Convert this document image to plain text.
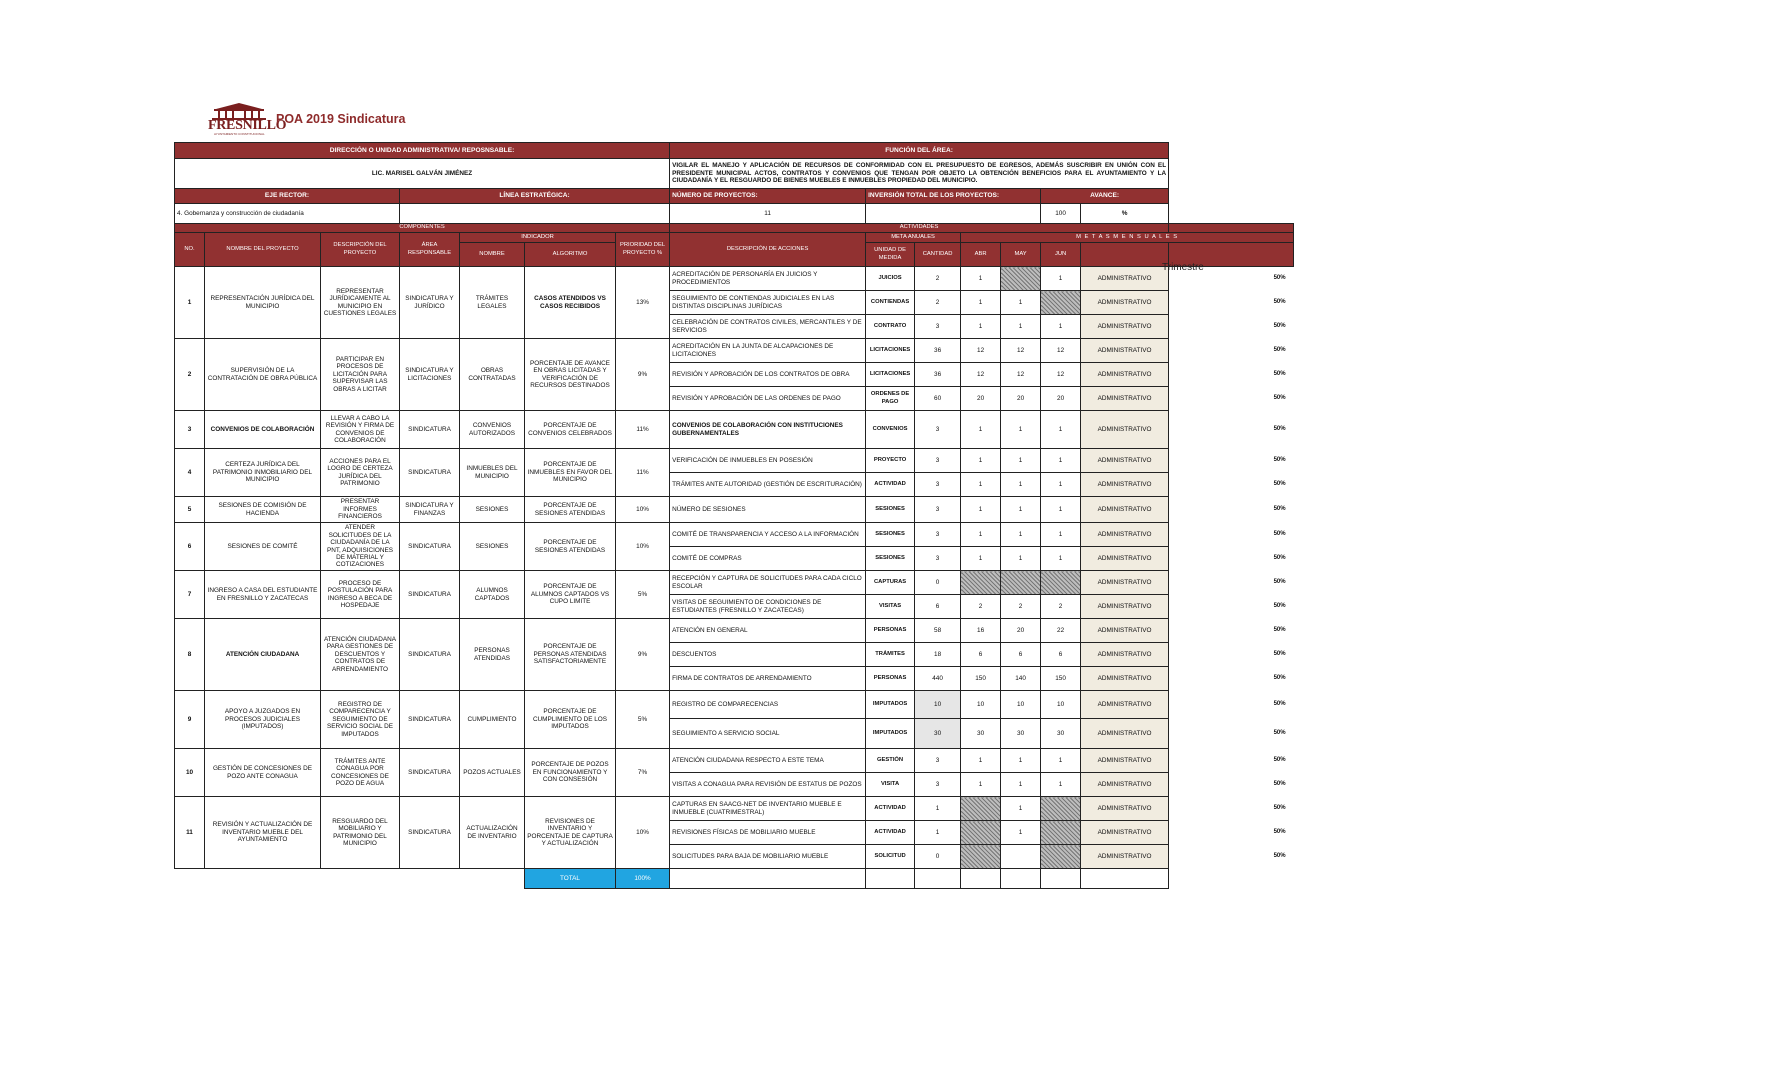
FRESNILLO
AYUNTAMIENTO CONSTITUCIONAL
POA 2019 Sindicatura
DIRECCIÓN O UNIDAD ADMINISTRATIVA/ REPOSNSABLE:							FUNCIÓN DEL ÁREA:							
LIC. MARISEL GALVÁN JIMÉNEZ							VIGILAR EL MANEJO Y APLICACIÓN DE RECURSOS DE CONFORMIDAD CON EL PRESUPUESTO DE EGRESOS, ADEMÁS SUSCRIBIR EN UNIÓN CON EL PRESIDENTE MUNICIPAL ACTOS, CONTRATOS Y CONVENIOS QUE TENGAN POR OBJETO LA OBTENCIÓN BENEFICIOS PARA EL AYUNTAMIENTO Y LA CIUDADANÍA Y EL RESGUARDO DE BIENES MUEBLES E INMUEBLES PROPIEDAD DEL MUNICIPIO.							
EJE RECTOR:			LÍNEA ESTRATÉGICA:				NÚMERO DE PROYECTOS:	INVERSIÓN TOTAL DE LOS PROYECTOS:				AVANCE:		
4. Gobernanza y construcción de ciudadanía							11					100	%	
COMPONENTES							ACTIVIDADES							
NO.	NOMBRE DEL PROYECTO	DESCRIPCIÓN DEL PROYECTO	ÁREA RESPONSABLE	INDICADOR		PRIORIDAD DEL PROYECTO %	DESCRIPCIÓN DE ACCIONES	META ANUALES		M E T A S M E N S U A L E S				
				NOMBRE	ALGORITMO			UNIDAD DE MEDIDA	CANTIDAD	ABR	MAY	JUN		
1	REPRESENTACIÓN JURÍDICA DEL MUNICIPIO	REPRESENTAR JURÍDICAMENTE AL MUNICIPIO EN CUESTIONES LEGALES	SINDICATURA Y JURÍDICO	TRÁMITES LEGALES	CASOS ATENDIDOS VS CASOS RECIBIDOS	13%	ACREDITACIÓN DE PERSONARÍA EN JUICIOS Y PROCEDIMIENTOS	JUICIOS	2	1		1	ADMINISTRATIVO	50%

							SEGUIMIENTO DE CONTIENDAS JUDICIALES EN LAS DISTINTAS DISCIPLINAS JURÍDICAS	CONTIENDAS	2	1	1		ADMINISTRATIVO	50%

							CELEBRACIÓN DE CONTRATOS CIVILES, MERCANTILES Y DE SERVICIOS	CONTRATO	3	1	1	1	ADMINISTRATIVO	50%

2	SUPERVISIÓN DE LA CONTRATACIÓN DE OBRA PÚBLICA	PARTICIPAR EN PROCESOS DE LICITACIÓN PARA SUPERVISAR LAS OBRAS A LICITAR	SINDICATURA Y LICITACIONES	OBRAS CONTRATADAS	PORCENTAJE DE AVANCE EN OBRAS LICITADAS Y VERIFICACIÓN DE RECURSOS DESTINADOS	9%	ACREDITACIÓN EN LA JUNTA DE ALCAPACIONES DE LICITACIONES	LICITACIONES	36	12	12	12	ADMINISTRATIVO	50%

							REVISIÓN Y APROBACIÓN DE LOS CONTRATOS DE OBRA	LICITACIONES	36	12	12	12	ADMINISTRATIVO	50%

							REVISIÓN Y APROBACIÓN DE LAS ORDENES DE PAGO	ORDENES DE PAGO	60	20	20	20	ADMINISTRATIVO	50%

3	CONVENIOS DE COLABORACIÓN	LLEVAR A CABO LA REVISIÓN Y FIRMA DE CONVENIOS DE COLABORACIÓN	SINDICATURA	CONVENIOS AUTORIZADOS	PORCENTAJE DE CONVENIOS CELEBRADOS	11%	CONVENIOS DE COLABORACIÓN CON INSTITUCIONES GUBERNAMENTALES	CONVENIOS	3	1	1	1	ADMINISTRATIVO	50%

4	CERTEZA JURÍDICA DEL PATRIMONIO INMOBILIARIO DEL MUNICIPIO	ACCIONES PARA EL LOGRO DE CERTEZA JURÍDICA DEL PATRIMONIO	SINDICATURA	INMUEBLES DEL MUNICIPIO	PORCENTAJE DE INMUEBLES EN FAVOR DEL MUNICIPIO	11%	VERIFICACIÓN DE INMUEBLES EN POSESIÓN	PROYECTO	3	1	1	1	ADMINISTRATIVO	50%

							TRÁMITES ANTE AUTORIDAD (GESTIÓN DE ESCRITURACIÓN)	ACTIVIDAD	3	1	1	1	ADMINISTRATIVO	50%

5	SESIONES DE COMISIÓN DE HACIENDA	PRESENTAR INFORMES FINANCIEROS	SINDICATURA Y FINANZAS	SESIONES	PORCENTAJE DE SESIONES ATENDIDAS	10%	NÚMERO DE SESIONES	SESIONES	3	1	1	1	ADMINISTRATIVO	50%

6	SESIONES DE COMITÉ	ATENDER SOLICITUDES DE LA CIUDADANÍA DE LA PNT, ADQUISICIONES DE MATERIAL Y COTIZACIONES	SINDICATURA	SESIONES	PORCENTAJE DE SESIONES ATENDIDAS	10%	COMITÉ DE TRANSPARENCIA Y ACCESO A LA INFORMACIÓN	SESIONES	3	1	1	1	ADMINISTRATIVO	50%

							COMITÉ DE COMPRAS	SESIONES	3	1	1	1	ADMINISTRATIVO	50%

7	INGRESO A CASA DEL ESTUDIANTE EN FRESNILLO Y ZACATECAS	PROCESO DE POSTULACIÓN PARA INGRESO A BECA DE HOSPEDAJE	SINDICATURA	ALUMNOS CAPTADOS	PORCENTAJE DE ALUMNOS CAPTADOS VS CUPO LIMITE	5%	RECEPCIÓN Y CAPTURA DE SOLICITUDES PARA CADA CICLO ESCOLAR	CAPTURAS	0				ADMINISTRATIVO	50%

							VISITAS DE SEGUIMIENTO DE CONDICIONES DE ESTUDIANTES (FRESNILLO Y ZACATECAS)	VISITAS	6	2	2	2	ADMINISTRATIVO	50%

8	ATENCIÓN CIUDADANA	ATENCIÓN CIUDADANA PARA GESTIONES DE DESCUENTOS Y CONTRATOS DE ARRENDAMIENTO	SINDICATURA	PERSONAS ATENDIDAS	PORCENTAJE DE PERSONAS ATENDIDAS SATISFACTORIAMENTE	9%	ATENCIÓN EN GENERAL	PERSONAS	58	16	20	22	ADMINISTRATIVO	50%

							DESCUENTOS	TRÁMITES	18	6	6	6	ADMINISTRATIVO	50%

							FIRMA DE CONTRATOS DE ARRENDAMIENTO	PERSONAS	440	150	140	150	ADMINISTRATIVO	50%

9	APOYO A JUZGADOS EN PROCESOS JUDICIALES (IMPUTADOS)	REGISTRO DE COMPARECENCIA Y SEGUIMIENTO DE SERVICIO SOCIAL DE IMPUTADOS	SINDICATURA	CUMPLIMIENTO	PORCENTAJE DE CUMPLIMIENTO DE LOS IMPUTADOS	5%	REGISTRO DE COMPARECENCIAS	IMPUTADOS	10	10	10	10	ADMINISTRATIVO	50%

							SEGUIMIENTO A SERVICIO SOCIAL	IMPUTADOS	30	30	30	30	ADMINISTRATIVO	50%

10	GESTIÓN DE CONCESIONES DE POZO ANTE CONAGUA	TRÁMITES ANTE CONAGUA POR CONCESIONES DE POZO DE AGUA	SINDICATURA	POZOS ACTUALES	PORCENTAJE DE POZOS EN FUNCIONAMIENTO Y CON CONSESIÓN	7%	ATENCIÓN CIUDADANA RESPECTO A ESTE TEMA	GESTIÓN	3	1	1	1	ADMINISTRATIVO	50%

							VISITAS A CONAGUA PARA REVISIÓN DE ESTATUS DE POZOS	VISITA	3	1	1	1	ADMINISTRATIVO	50%

11	REVISIÓN Y ACTUALIZACIÓN DE INVENTARIO MUEBLE DEL AYUNTAMIENTO	RESGUARDO DEL MOBILIARIO Y PATRIMONIO DEL MUNICIPIO	SINDICATURA	ACTUALIZACIÓN DE INVENTARIO	REVISIONES DE INVENTARIO Y PORCENTAJE DE CAPTURA Y ACTUALIZACIÓN	10%	CAPTURAS EN SAACG-NET DE INVENTARIO MUEBLE E INMUEBLE (CUATRIMESTRAL)	ACTIVIDAD	1		1		ADMINISTRATIVO	50%

							REVISIONES FÍSICAS DE MOBILIARIO MUEBLE	ACTIVIDAD	1		1		ADMINISTRATIVO	50%

							SOLICITUDES PARA BAJA DE MOBILIARIO MUEBLE	SOLICITUD	0				ADMINISTRATIVO	50%

					TOTAL	100%								
Trimestre
